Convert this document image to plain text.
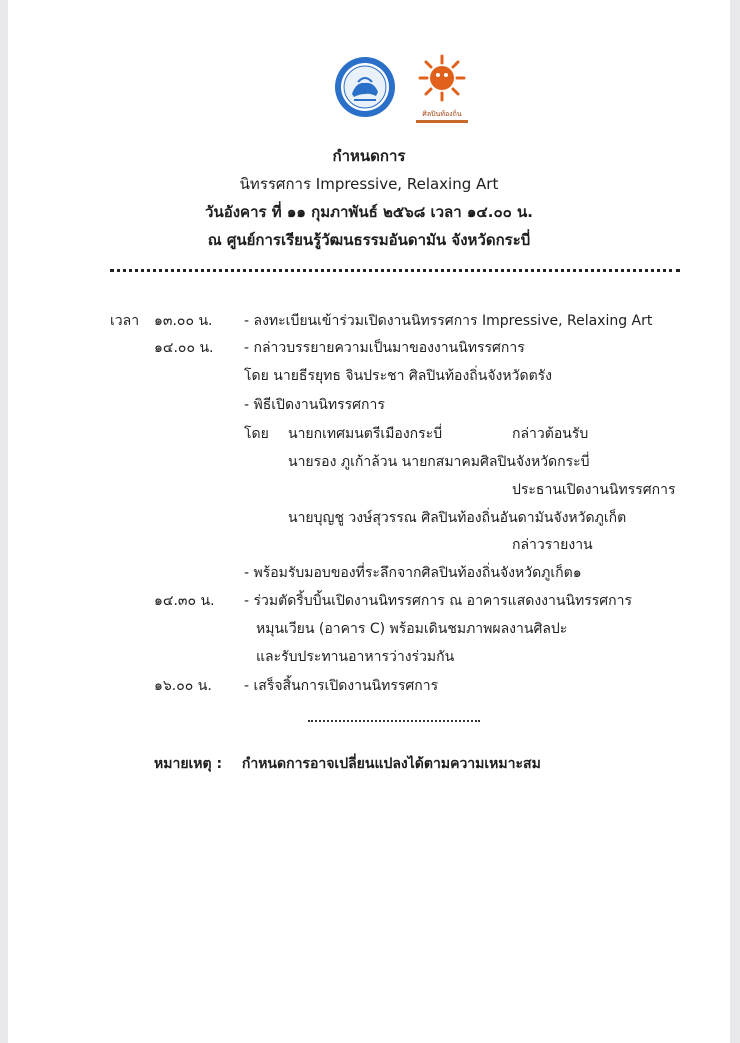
ศิลปินท้องถิ่น
กำหนดการ
นิทรรศการ Impressive, Relaxing Art
วันอังคาร ที่ ๑๑ กุมภาพันธ์ ๒๕๖๘ เวลา ๑๔.๐๐ น.
ณ ศูนย์การเรียนรู้วัฒนธรรมอันดามัน จังหวัดกระบี่
เวลา ๑๓.๐๐ น. - ลงทะเบียนเข้าร่วมเปิดงานนิทรรศการ Impressive, Relaxing Art
๑๔.๐๐ น. - กล่าวบรรยายความเป็นมาของงานนิทรรศการ
โดย นายธีรยุทธ จินประชา ศิลปินท้องถิ่นจังหวัดตรัง
- พิธีเปิดงานนิทรรศการ
โดย นายกเทศมนตรีเมืองกระบี่	กล่าวต้อนรับ
นายรอง ภูเก้าล้วน นายกสมาคมศิลปินจังหวัดกระบี่
ประธานเปิดงานนิทรรศการ
นายบุญชู วงษ์สุวรรณ ศิลปินท้องถิ่นอันดามันจังหวัดภูเก็ต
กล่าวรายงาน
- พร้อมรับมอบของที่ระลึกจากศิลปินท้องถิ่นจังหวัดภูเก็ต๑
๑๔.๓๐ น. - ร่วมตัดริ้บบิ้นเปิดงานนิทรรศการ ณ อาคารแสดงงานนิทรรศการ
หมุนเวียน (อาคาร C) พร้อมเดินชมภาพผลงานศิลปะ
และรับประทานอาหารว่างร่วมกัน
๑๖.๐๐ น. - เสร็จสิ้นการเปิดงานนิทรรศการ
หมายเหตุ : กำหนดการอาจเปลี่ยนแปลงได้ตามความเหมาะสม
